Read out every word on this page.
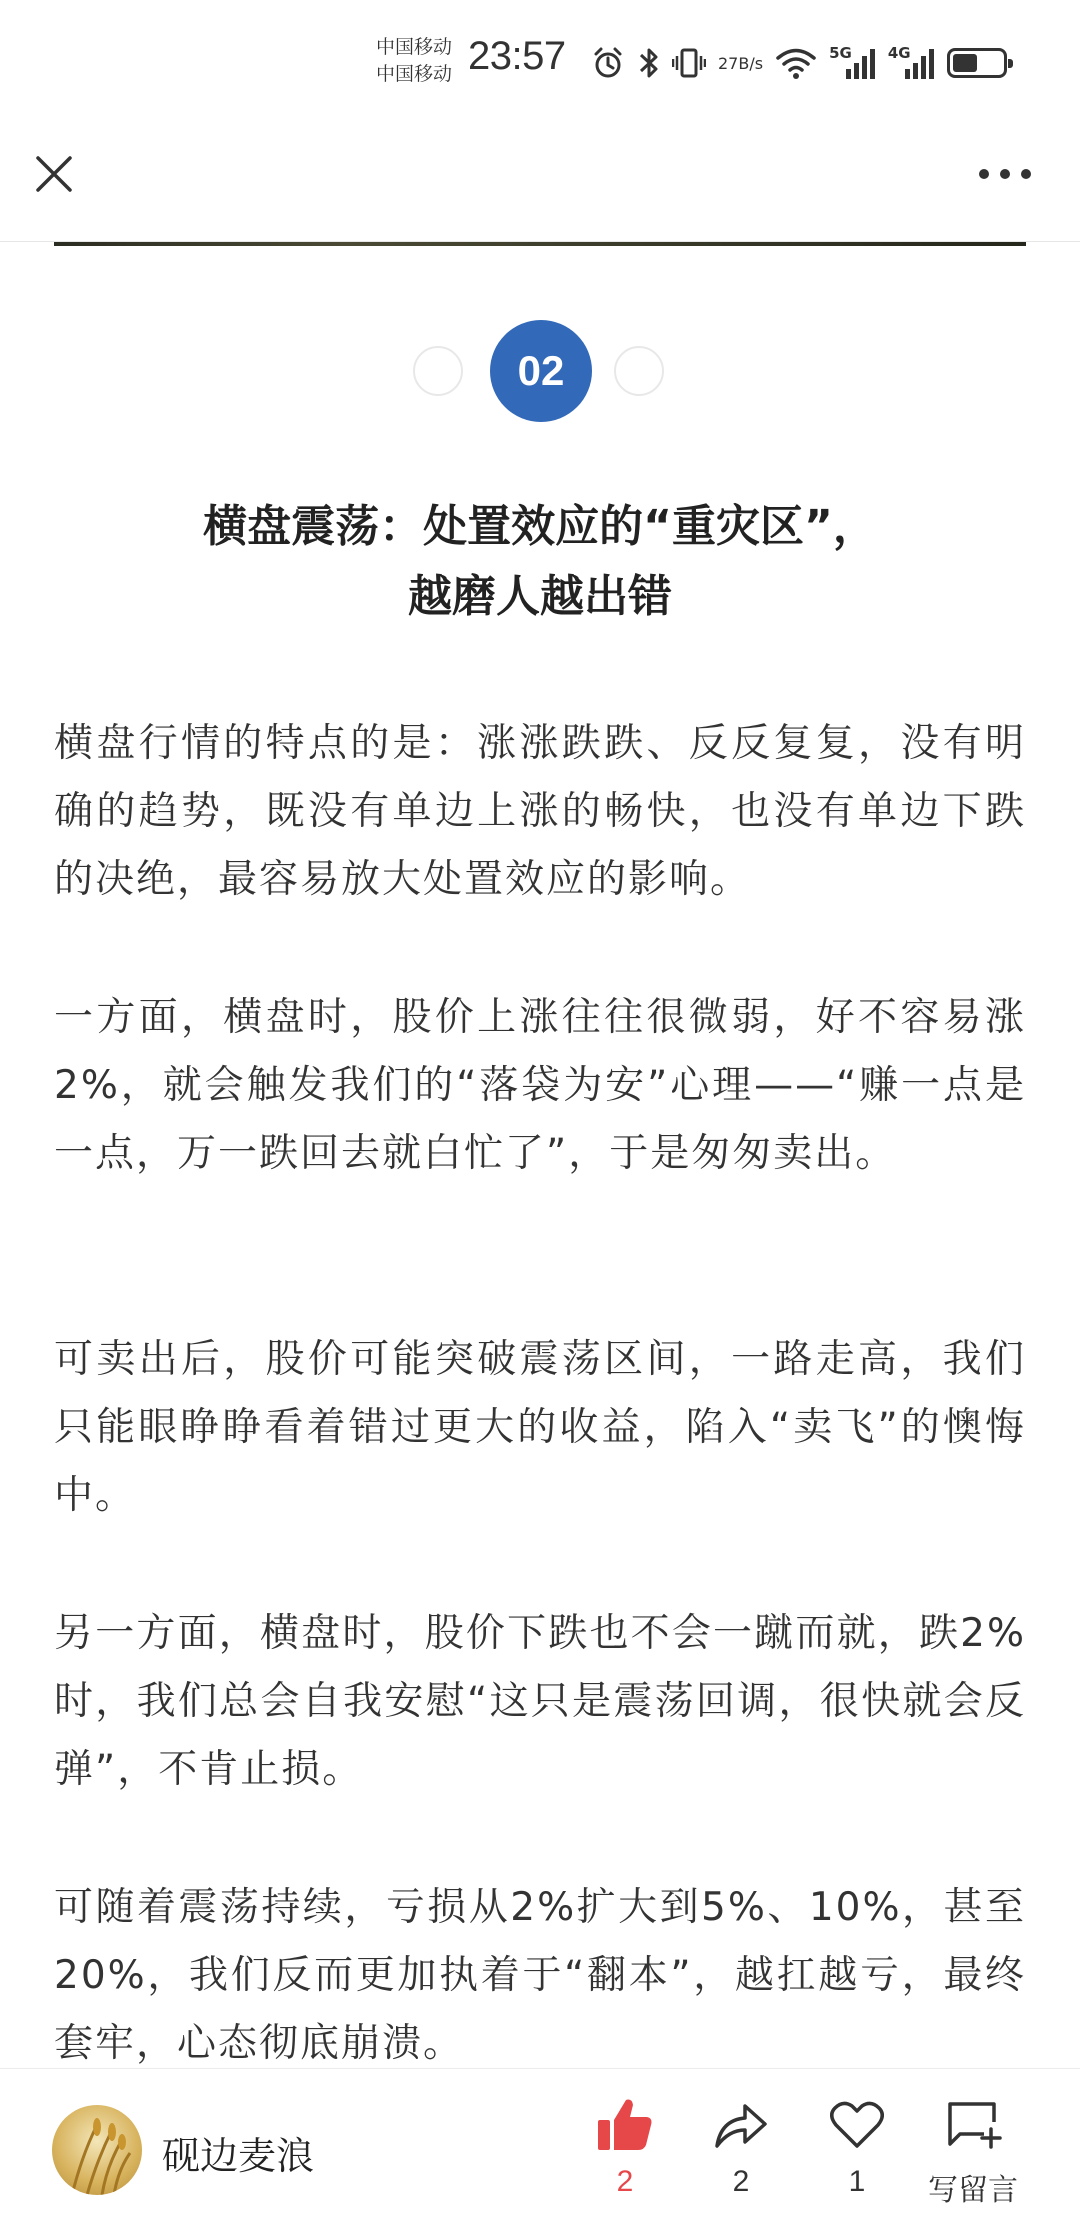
中国移动
中国移动 23:57	27 B/s
5G 4G
02
横盘震荡：处置效应的“重灾区”，
越磨人越出错

横盘行情的特点的是：涨涨跌跌、反反复复，没有明确的趋势，既没有单边上涨的畅快，也没有单边下跌的决绝，最容易放大处置效应的影响。

一方面，横盘时，股价上涨往往很微弱，好不容易涨2%，就会触发我们的“落袋为安”心理——“赚一点是一点，万一跌回去就白忙了”，于是匆匆卖出。

可卖出后，股价可能突破震荡区间，一路走高，我们只能眼睁睁看着错过更大的收益，陷入“卖飞”的懊悔中。

另一方面，横盘时，股价下跌也不会一蹴而就，跌2%时，我们总会自我安慰“这只是震荡回调，很快就会反弹”，不肯止损。

可随着震荡持续，亏损从2%扩大到5%、10%，甚至20%，我们反而更加执着于“翻本”，越扛越亏，最终套牢，心态彻底崩溃。

砚边麦浪
2	2	1 写留言
